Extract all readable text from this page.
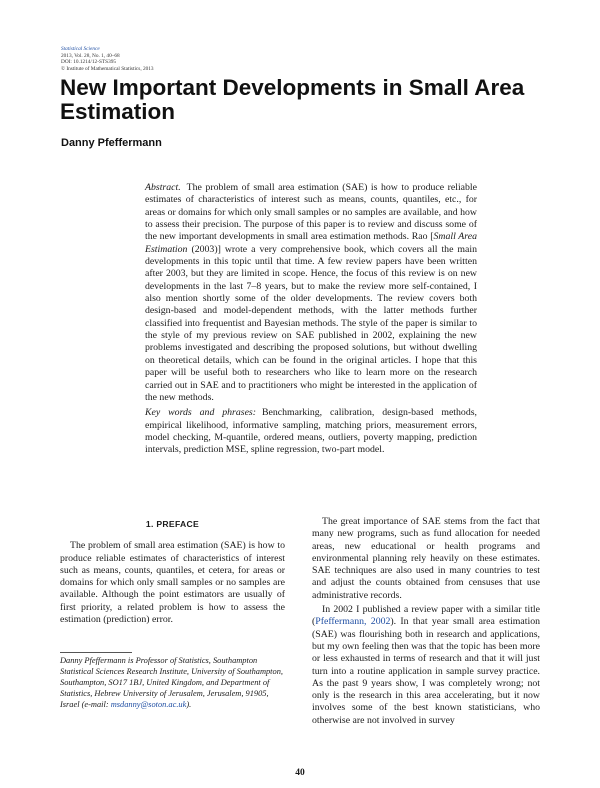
Statistical Science
2013, Vol. 28, No. 1, 40–68
DOI: 10.1214/12-STS395
© Institute of Mathematical Statistics, 2013
New Important Developments in Small Area Estimation
Danny Pfeffermann

Abstract. The problem of small area estimation (SAE) is how to produce reliable estimates of characteristics of interest such as means, counts, quantiles, etc., for areas or domains for which only small samples or no samples are available, and how to assess their precision. The purpose of this paper is to review and discuss some of the new important developments in small area estimation methods. Rao [Small Area Estimation (2003)] wrote a very comprehensive book, which covers all the main developments in this topic until that time. A few review papers have been written after 2003, but they are limited in scope. Hence, the focus of this review is on new developments in the last 7–8 years, but to make the review more self-contained, I also mention shortly some of the older developments. The review covers both design-based and model-dependent methods, with the latter methods further classified into frequentist and Bayesian methods. The style of the paper is similar to the style of my previous review on SAE published in 2002, explaining the new problems investigated and describing the proposed solutions, but without dwelling on theoretical details, which can be found in the original articles. I hope that this paper will be useful both to researchers who like to learn more on the research carried out in SAE and to practitioners who might be interested in the application of the new methods.

Key words and phrases: Benchmarking, calibration, design-based methods, empirical likelihood, informative sampling, matching priors, measurement errors, model checking, M-quantile, ordered means, outliers, poverty mapping, prediction intervals, prediction MSE, spline regression, two-part model.

1. PREFACE

The problem of small area estimation (SAE) is how to produce reliable estimates of characteristics of interest such as means, counts, quantiles, et cetera, for areas or domains for which only small samples or no samples are available. Although the point estimators are usually of first priority, a related problem is how to assess the estimation (prediction) error.

The great importance of SAE stems from the fact that many new programs, such as fund allocation for needed areas, new educational or health programs and environmental planning rely heavily on these estimates. SAE techniques are also used in many countries to test and adjust the counts obtained from censuses that use administrative records.

In 2002 I published a review paper with a similar title (Pfeffermann, 2002). In that year small area estimation (SAE) was flourishing both in research and applications, but my own feeling then was that the topic has been more or less exhausted in terms of research and that it will just turn into a routine application in sample survey practice. As the past 9 years show, I was completely wrong; not only is the research in this area accelerating, but it now involves some of the best known statisticians, who otherwise are not involved in survey

Danny Pfeffermann is Professor of Statistics, Southampton Statistical Sciences Research Institute, University of Southampton, Southampton, SO17 1BJ, United Kingdom, and Department of Statistics, Hebrew University of Jerusalem, Jerusalem, 91905, Israel (e-mail: msdanny@soton.ac.uk).
40
